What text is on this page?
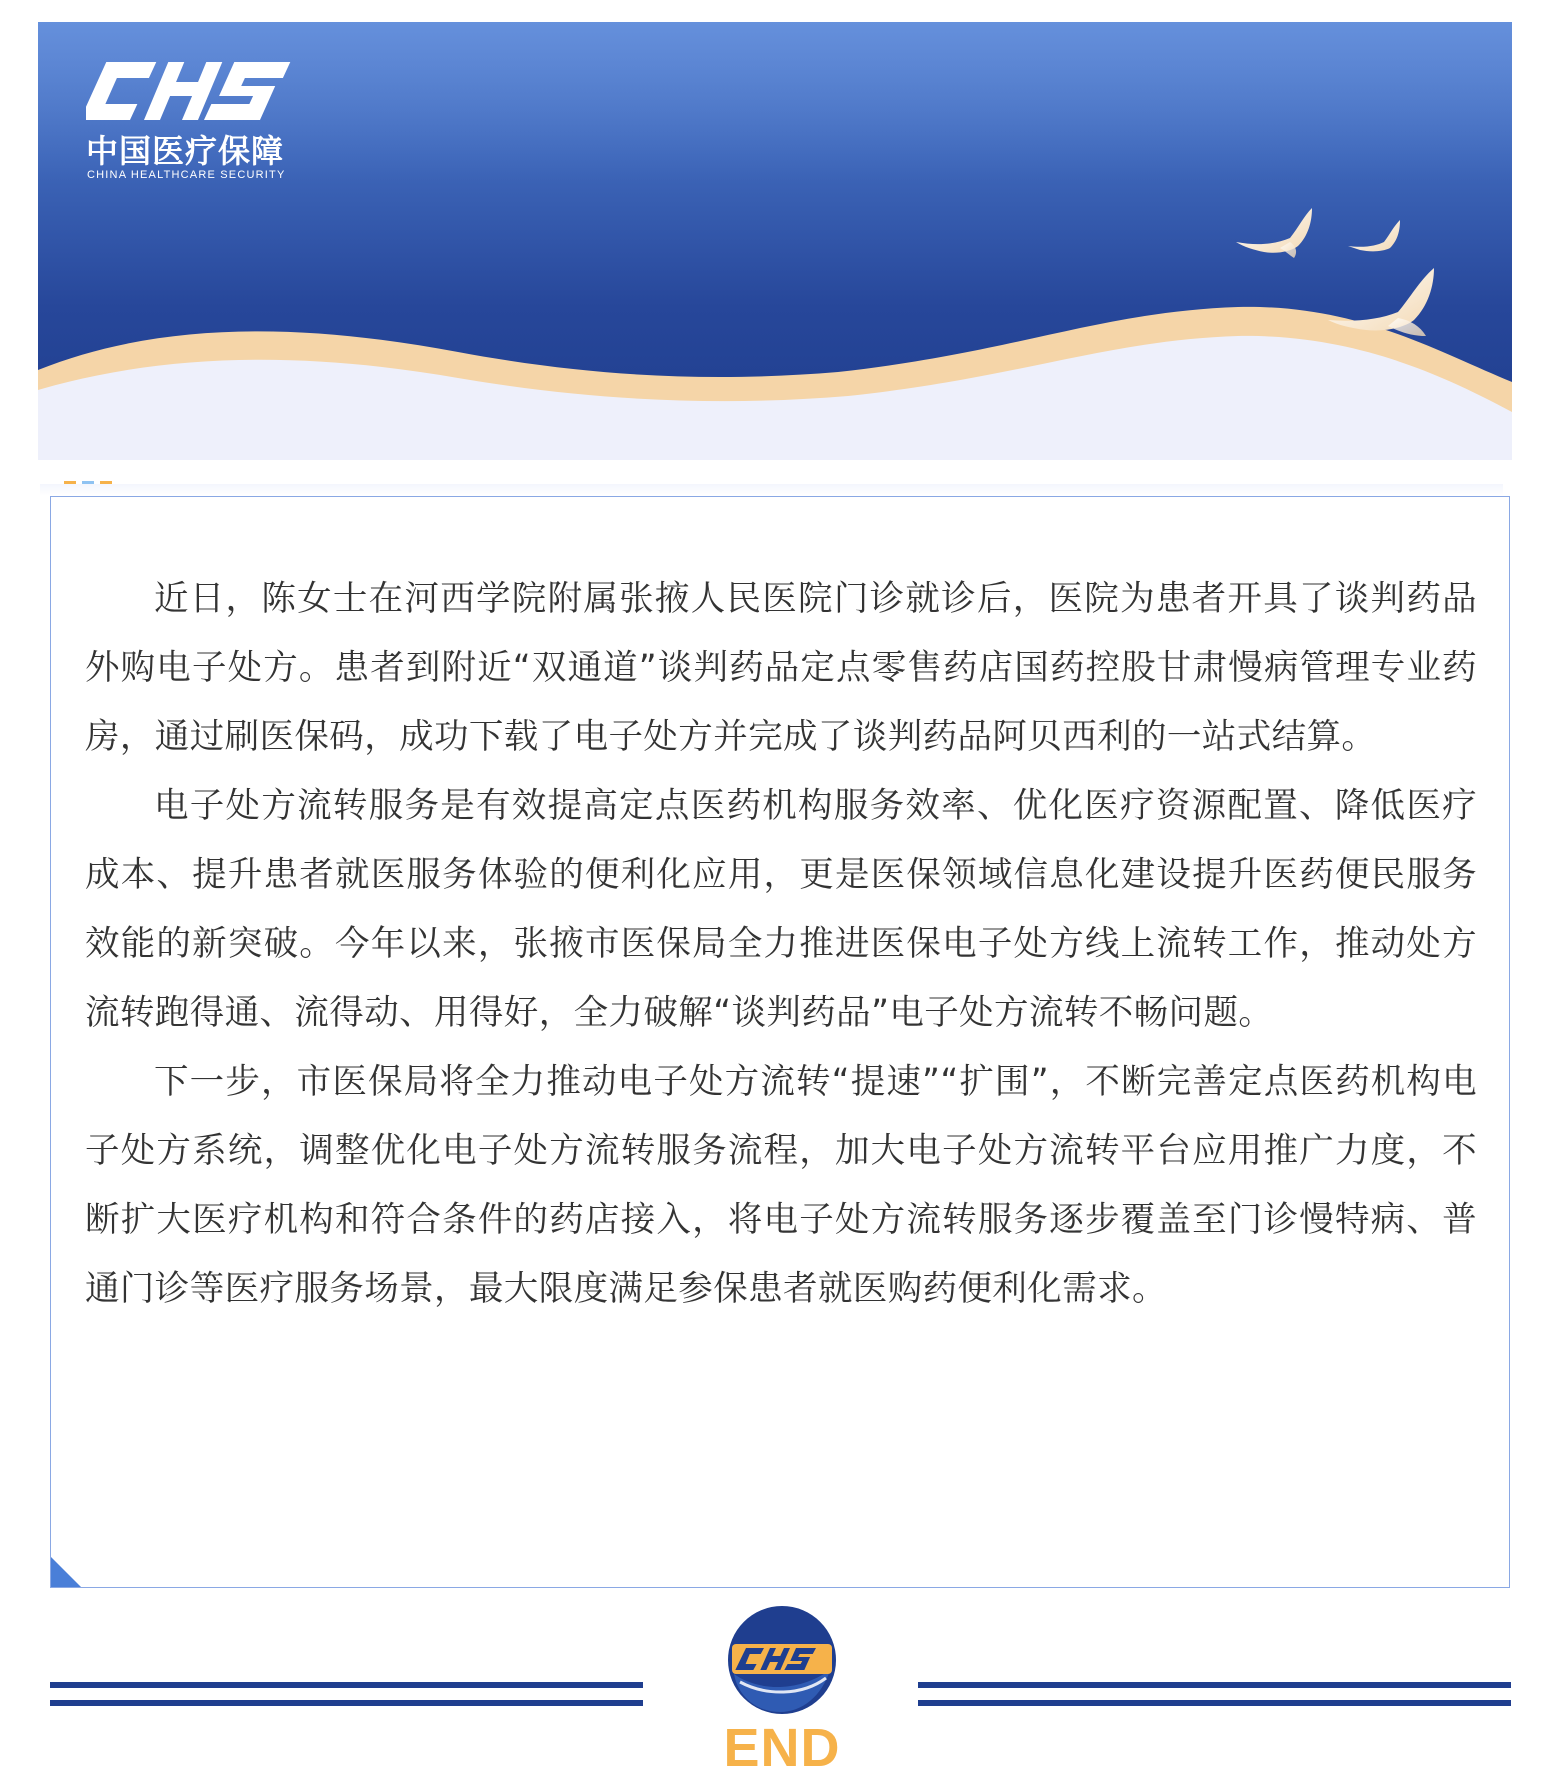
中国医疗保障
CHINA HEALTHCARE SECURITY

近日，陈女士在河西学院附属张掖人民医院门诊就诊后，医院为患者开具了谈判药品外购电子处方。患者到附近“双通道”谈判药品定点零售药店国药控股甘肃慢病管理专业药房，通过刷医保码，成功下载了电子处方并完成了谈判药品阿贝西利的一站式结算。

电子处方流转服务是有效提高定点医药机构服务效率、优化医疗资源配置、降低医疗成本、提升患者就医服务体验的便利化应用，更是医保领域信息化建设提升医药便民服务效能的新突破。今年以来，张掖市医保局全力推进医保电子处方线上流转工作，推动处方流转跑得通、流得动、用得好，全力破解“谈判药品”电子处方流转不畅问题。

下一步，市医保局将全力推动电子处方流转“提速”“扩围”，不断完善定点医药机构电子处方系统，调整优化电子处方流转服务流程，加大电子处方流转平台应用推广力度，不断扩大医疗机构和符合条件的药店接入，将电子处方流转服务逐步覆盖至门诊慢特病、普通门诊等医疗服务场景，最大限度满足参保患者就医购药便利化需求。

END
